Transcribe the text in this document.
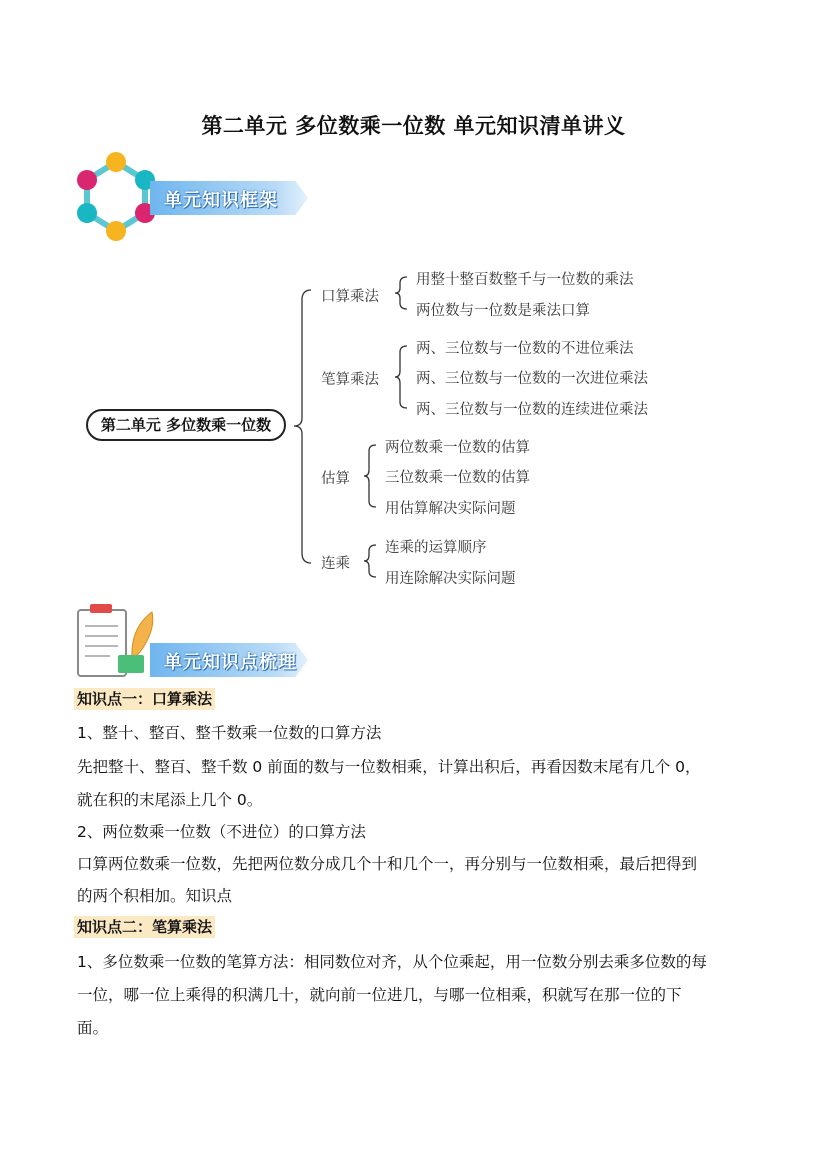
第二单元 多位数乘一位数 单元知识清单讲义
单元知识框架
第二单元 多位数乘一位数
口算乘法
用整十整百数整千与一位数的乘法
两位数与一位数是乘法口算
笔算乘法
两、三位数与一位数的不进位乘法
两、三位数与一位数的一次进位乘法
两、三位数与一位数的连续进位乘法
估算
两位数乘一位数的估算
三位数乘一位数的估算
用估算解决实际问题
连乘
连乘的运算顺序
用连除解决实际问题
单元知识点梳理
知识点一：口算乘法
1、整十、整百、整千数乘一位数的口算方法
先把整十、整百、整千数 0 前面的数与一位数相乘，计算出积后，再看因数末尾有几个 0，
就在积的末尾添上几个 0。
2、两位数乘一位数（不进位）的口算方法
口算两位数乘一位数，先把两位数分成几个十和几个一，再分别与一位数相乘，最后把得到
的两个积相加。知识点
知识点二：笔算乘法
1、多位数乘一位数的笔算方法：相同数位对齐，从个位乘起，用一位数分别去乘多位数的每
一位，哪一位上乘得的积满几十，就向前一位进几，与哪一位相乘，积就写在那一位的下
面。
